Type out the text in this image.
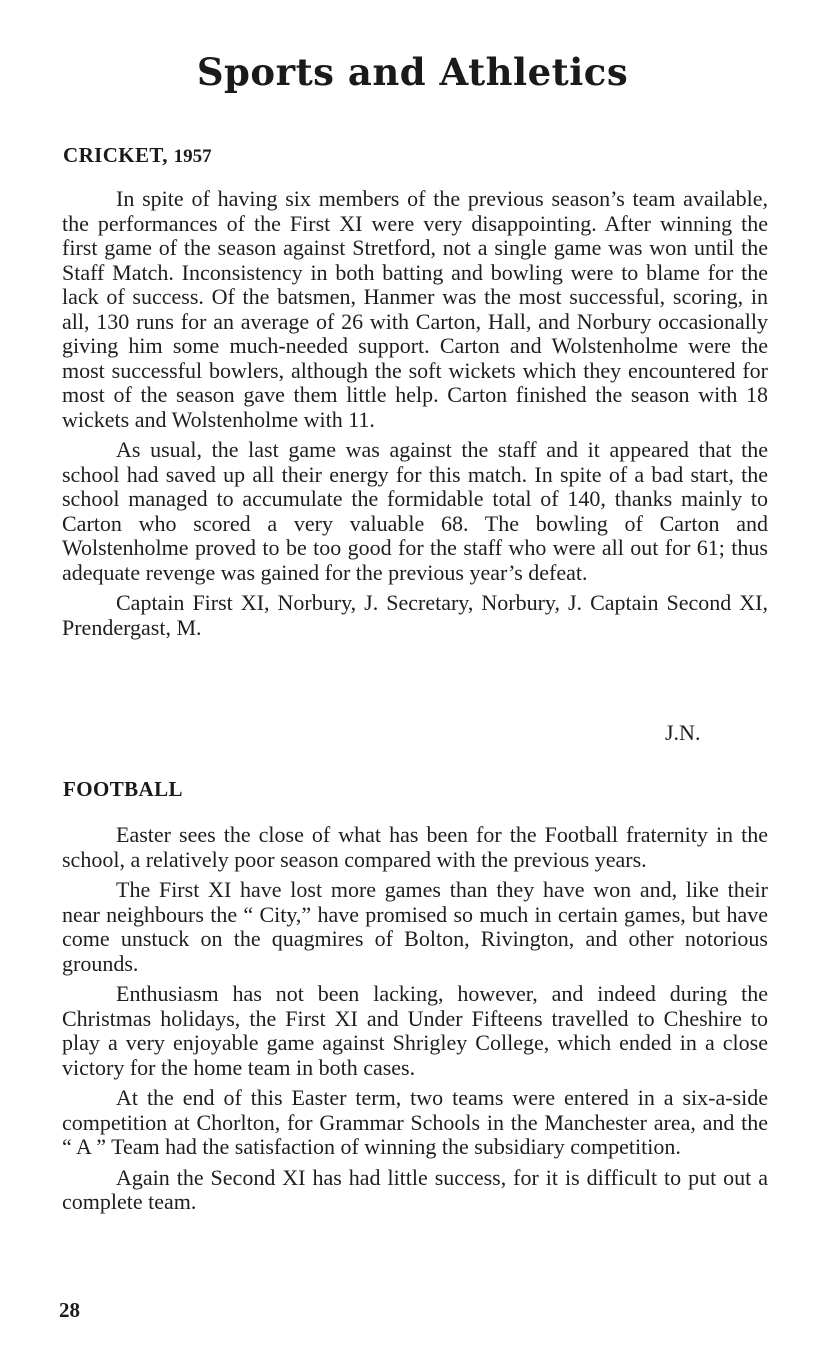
Sports and Athletics
CRICKET, 1957

In spite of having six members of the previous season’s team available, the performances of the First XI were very disappointing. After winning the first game of the season against Stretford, not a single game was won until the Staff Match. Inconsistency in both batting and bowling were to blame for the lack of success. Of the batsmen, Hanmer was the most successful, scoring, in all, 130 runs for an average of 26 with Carton, Hall, and Norbury occasionally giving him some much-needed support. Carton and Wolstenholme were the most successful bowlers, although the soft wickets which they encountered for most of the season gave them little help. Carton finished the season with 18 wickets and Wolstenholme with 11.

As usual, the last game was against the staff and it appeared that the school had saved up all their energy for this match. In spite of a bad start, the school managed to accumulate the formidable total of 140, thanks mainly to Carton who scored a very valuable 68. The bowling of Carton and Wolstenholme proved to be too good for the staff who were all out for 61; thus adequate revenge was gained for the previous year’s defeat.

Captain First XI, Norbury, J. Secretary, Norbury, J. Captain Second XI, Prendergast, M.

J.N.

FOOTBALL

Easter sees the close of what has been for the Football fraternity in the school, a relatively poor season compared with the previous years.

The First XI have lost more games than they have won and, like their near neighbours the “ City,” have promised so much in certain games, but have come unstuck on the quagmires of Bolton, Rivington, and other notorious grounds.

Enthusiasm has not been lacking, however, and indeed during the Christmas holidays, the First XI and Under Fifteens travelled to Cheshire to play a very enjoyable game against Shrigley College, which ended in a close victory for the home team in both cases.

At the end of this Easter term, two teams were entered in a six-a-side competition at Chorlton, for Grammar Schools in the Manchester area, and the “ A ” Team had the satisfaction of winning the subsidiary competition.

Again the Second XI has had little success, for it is difficult to put out a complete team.

28
